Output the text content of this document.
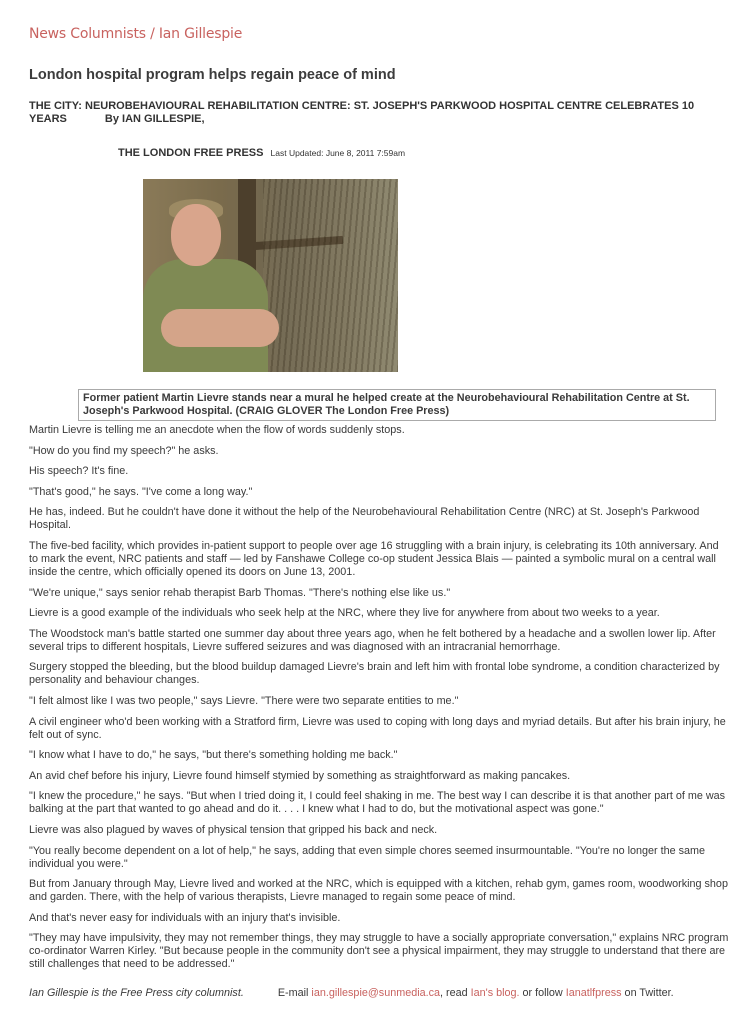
News Columnists / Ian Gillespie
London hospital program helps regain peace of mind
THE CITY: NEUROBEHAVIOURAL REHABILITATION CENTRE: ST. JOSEPH'S PARKWOOD HOSPITAL CENTRE CELEBRATES 10 YEARS	By IAN GILLESPIE,
THE LONDON FREE PRESS Last Updated: June 8, 2011 7:59am
Former patient Martin Lievre stands near a mural he helped create at the Neurobehavioural Rehabilitation Centre at St. Joseph's Parkwood Hospital. (CRAIG GLOVER The London Free Press)

Martin Lievre is telling me an anecdote when the flow of words suddenly stops.

"How do you find my speech?" he asks.

His speech? It's fine.

"That's good," he says. "I've come a long way."

He has, indeed. But he couldn't have done it without the help of the Neurobehavioural Rehabilitation Centre (NRC) at St. Joseph's Parkwood Hospital.

The five-bed facility, which provides in-patient support to people over age 16 struggling with a brain injury, is celebrating its 10th anniversary. And to mark the event, NRC patients and staff — led by Fanshawe College co-op student Jessica Blais — painted a symbolic mural on a central wall inside the centre, which officially opened its doors on June 13, 2001.

"We're unique," says senior rehab therapist Barb Thomas. "There's nothing else like us."

Lievre is a good example of the individuals who seek help at the NRC, where they live for anywhere from about two weeks to a year.

The Woodstock man's battle started one summer day about three years ago, when he felt bothered by a headache and a swollen lower lip. After several trips to different hospitals, Lievre suffered seizures and was diagnosed with an intracranial hemorrhage.

Surgery stopped the bleeding, but the blood buildup damaged Lievre's brain and left him with frontal lobe syndrome, a condition characterized by personality and behaviour changes.

"I felt almost like I was two people," says Lievre. "There were two separate entities to me."

A civil engineer who'd been working with a Stratford firm, Lievre was used to coping with long days and myriad details. But after his brain injury, he felt out of sync.

"I know what I have to do," he says, "but there's something holding me back."

An avid chef before his injury, Lievre found himself stymied by something as straightforward as making pancakes.

"I knew the procedure," he says. "But when I tried doing it, I could feel shaking in me. The best way I can describe it is that another part of me was balking at the part that wanted to go ahead and do it. . . . I knew what I had to do, but the motivational aspect was gone."

Lievre was also plagued by waves of physical tension that gripped his back and neck.

"You really become dependent on a lot of help," he says, adding that even simple chores seemed insurmountable. "You're no longer the same individual you were."

But from January through May, Lievre lived and worked at the NRC, which is equipped with a kitchen, rehab gym, games room, woodworking shop and garden. There, with the help of various therapists, Lievre managed to regain some peace of mind.

And that's never easy for individuals with an injury that's invisible.

"They may have impulsivity, they may not remember things, they may struggle to have a socially appropriate conversation," explains NRC program co-ordinator Warren Kirley. "But because people in the community don't see a physical impairment, they may struggle to understand that there are still challenges that need to be addressed."

Ian Gillespie is the Free Press city columnist.	E-mail ian.gillespie@sunmedia.ca, read Ian's blog. or follow Ianatlfpress on Twitter.
